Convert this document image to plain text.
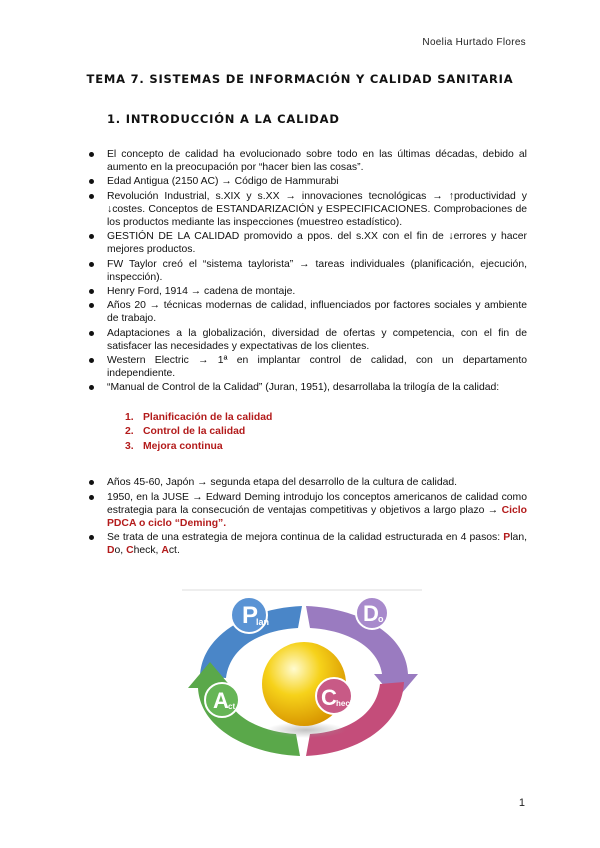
Noelia Hurtado Flores
TEMA 7. SISTEMAS DE INFORMACIÓN Y CALIDAD SANITARIA
1. INTRODUCCIÓN A LA CALIDAD
El concepto de calidad ha evolucionado sobre todo en las últimas décadas, debido al aumento en la preocupación por “hacer bien las cosas”.
Edad Antigua (2150 AC) → Código de Hammurabi
Revolución Industrial, s.XIX y s.XX → innovaciones tecnológicas → ↑productividad y ↓costes. Conceptos de ESTANDARIZACIÓN y ESPECIFICACIONES. Comprobaciones de los productos mediante las inspecciones (muestreo estadístico).
GESTIÓN DE LA CALIDAD promovido a ppos. del s.XX con el fin de ↓errores y hacer mejores productos.
FW Taylor creó el “sistema taylorista” → tareas individuales (planificación, ejecución, inspección).
Henry Ford, 1914 → cadena de montaje.
Años 20 → técnicas modernas de calidad, influenciados por factores sociales y ambiente de trabajo.
Adaptaciones a la globalización, diversidad de ofertas y competencia, con el fin de satisfacer las necesidades y expectativas de los clientes.
Western Electric → 1ª en implantar control de calidad, con un departamento independiente.
“Manual de Control de la Calidad” (Juran, 1951), desarrollaba la trilogía de la calidad:
1. Planificación de la calidad
2. Control de la calidad
3. Mejora continua
Años 45-60, Japón → segunda etapa del desarrollo de la cultura de calidad.
1950, en la JUSE → Edward Deming introdujo los conceptos americanos de calidad como estrategia para la consecución de ventajas competitivas y objetivos a largo plazo → Ciclo PDCA o ciclo “Deming”.
Se trata de una estrategia de mejora continua de la calidad estructurada en 4 pasos: Plan, Do, Check, Act.
P
lan	D o
A ct	C heck
1
